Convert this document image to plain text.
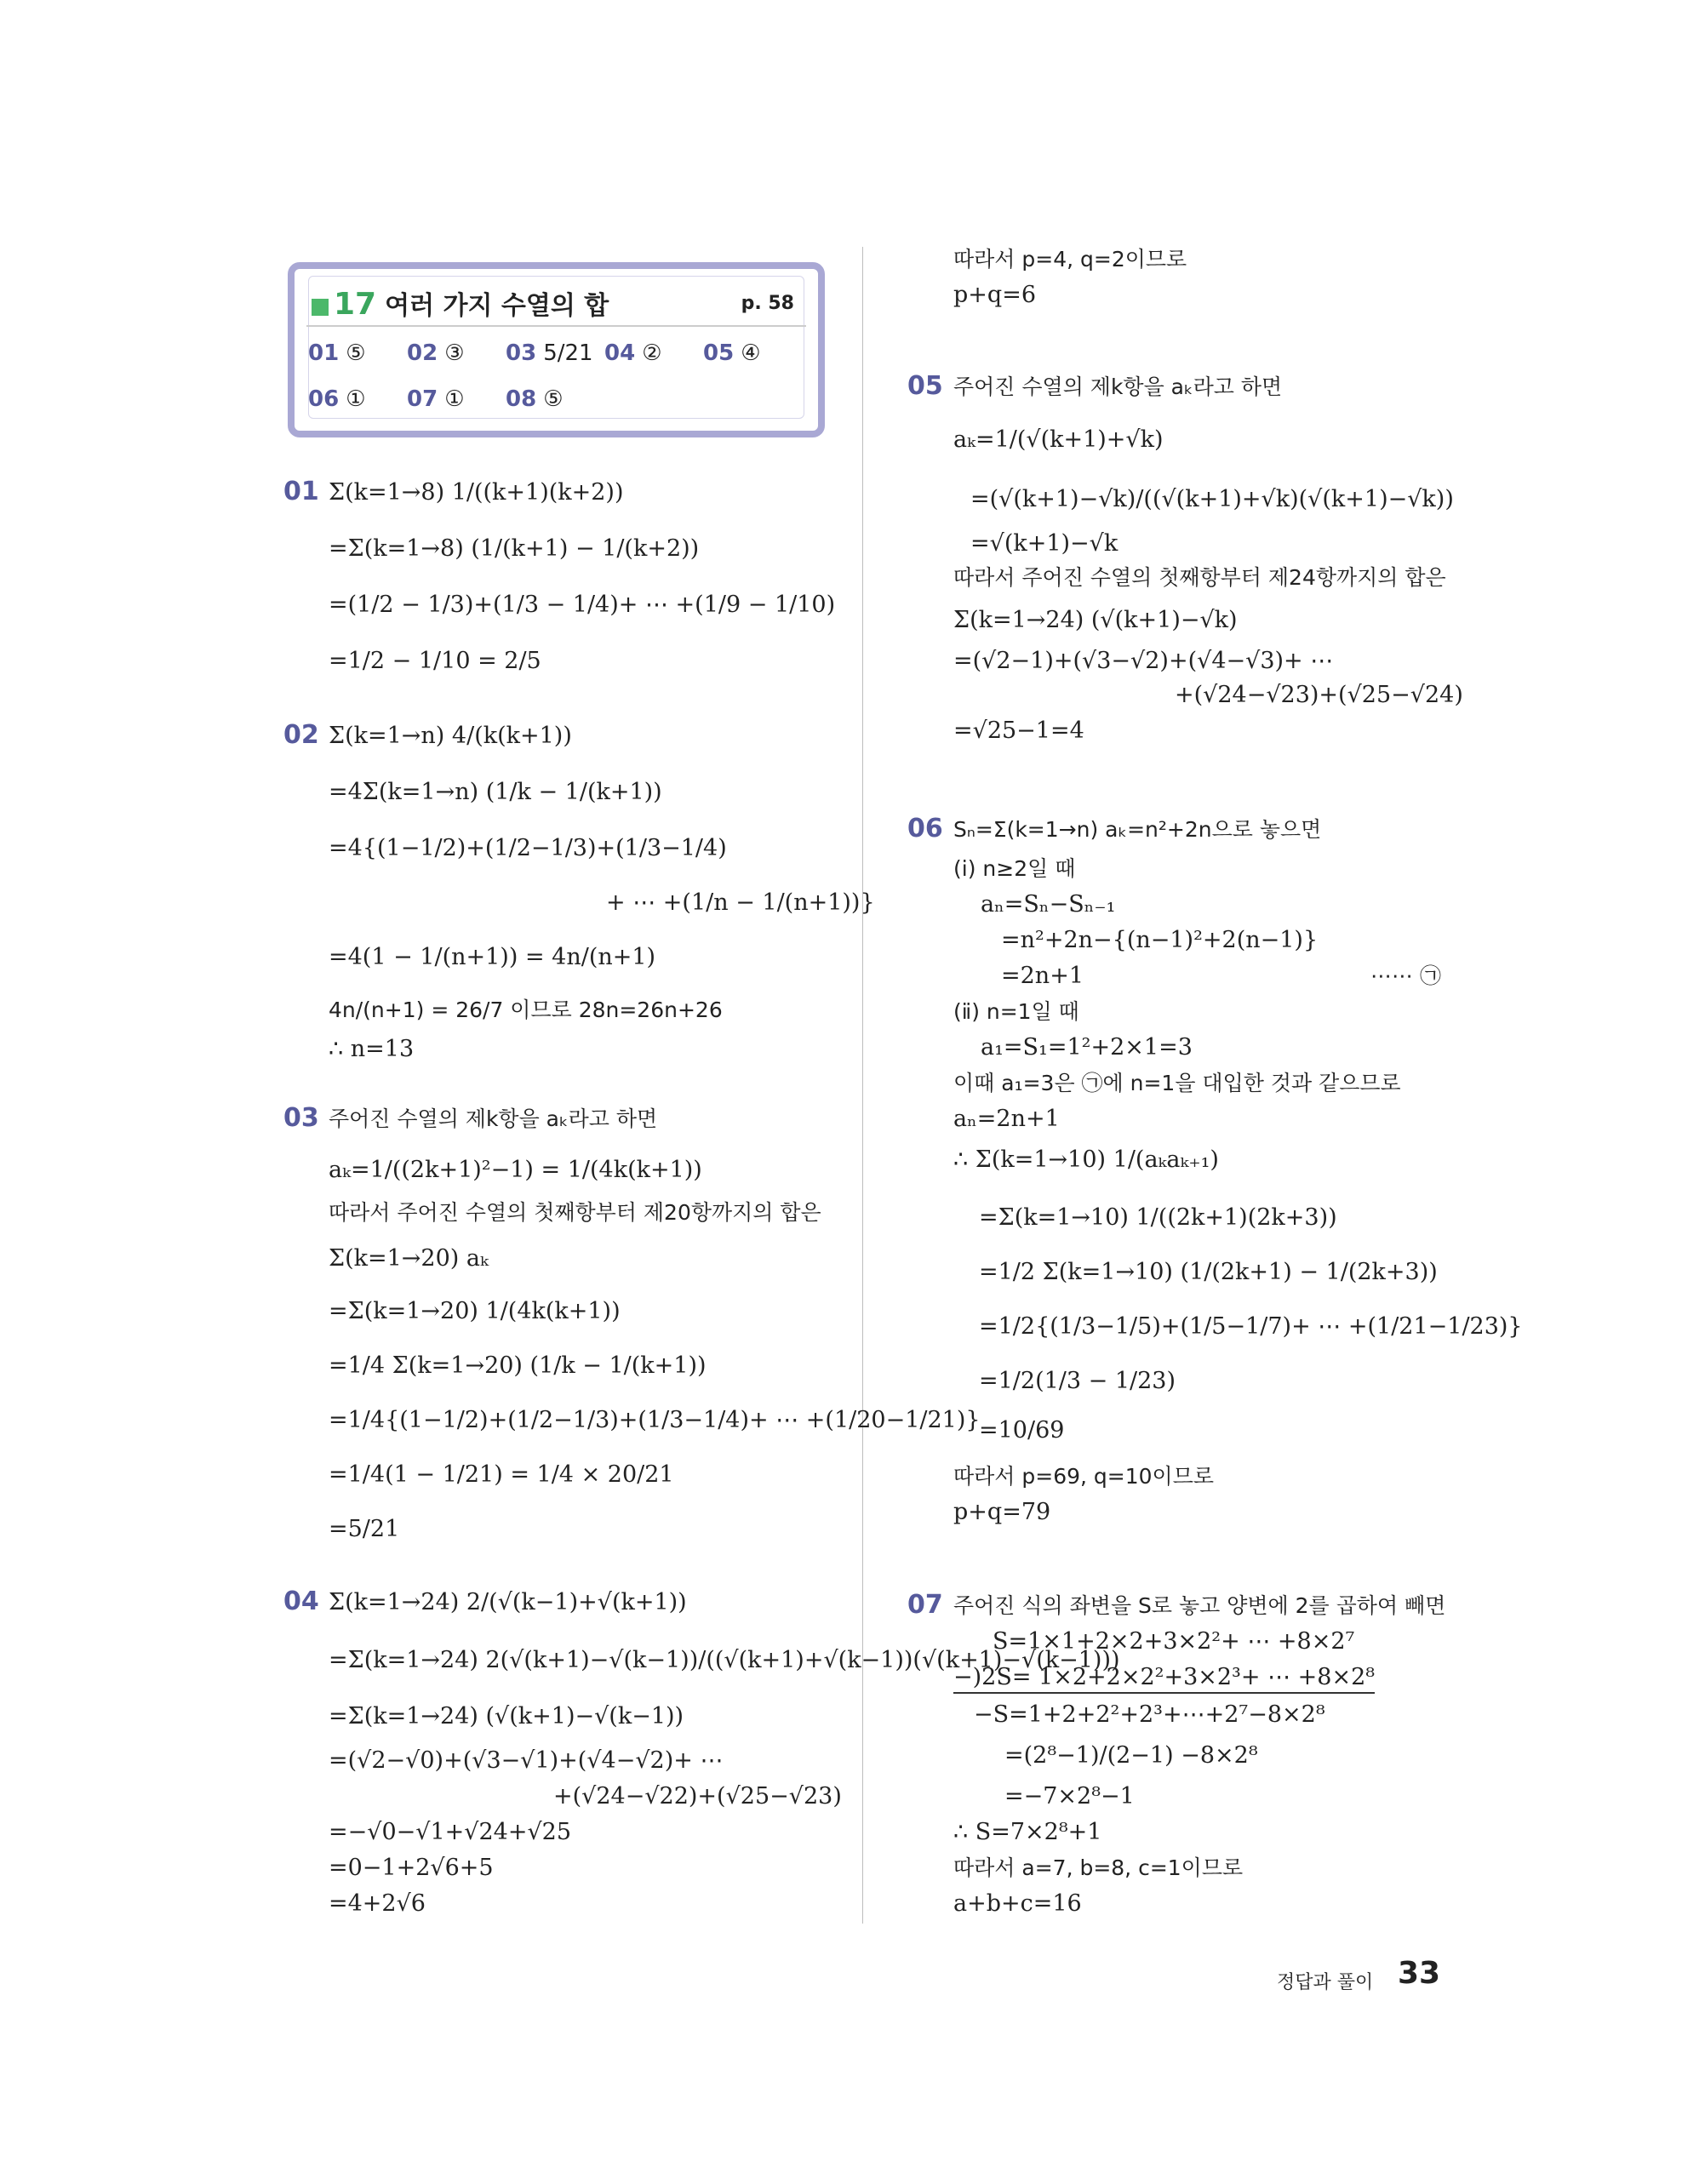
17 여러 가지 수열의 합	p. 58
01 ⑤ 02 ③ 03 5/21 04 ② 05 ④
06 ① 07 ① 08 ⑤
01 Σ(k=1→8) 1/((k+1)(k+2))
=Σ(k=1→8) (1/(k+1) − 1/(k+2))
=(1/2 − 1/3)+(1/3 − 1/4)+ ⋯ +(1/9 − 1/10)
=1/2 − 1/10 = 2/5
02 Σ(k=1→n) 4/(k(k+1))
=4Σ(k=1→n) (1/k − 1/(k+1))
=4{(1−1/2)+(1/2−1/3)+(1/3−1/4)
+ ⋯ +(1/n − 1/(n+1))}
=4(1 − 1/(n+1)) = 4n/(n+1)
4n/(n+1) = 26/7 이므로 28n=26n+26
∴ n=13
03 주어진 수열의 제k항을 aₖ라고 하면
aₖ=1/((2k+1)²−1) = 1/(4k(k+1))
따라서 주어진 수열의 첫째항부터 제20항까지의 합은
Σ(k=1→20) aₖ
=Σ(k=1→20) 1/(4k(k+1))
=1/4 Σ(k=1→20) (1/k − 1/(k+1))
=1/4{(1−1/2)+(1/2−1/3)+(1/3−1/4)+ ⋯ +(1/20−1/21)}
=1/4(1 − 1/21) = 1/4 × 20/21
=5/21
04 Σ(k=1→24) 2/(√(k−1)+√(k+1))
=Σ(k=1→24) 2(√(k+1)−√(k−1))/((√(k+1)+√(k−1))(√(k+1)−√(k−1)))
=Σ(k=1→24) (√(k+1)−√(k−1))
=(√2−√0)+(√3−√1)+(√4−√2)+ ⋯
+(√24−√22)+(√25−√23)
=−√0−√1+√24+√25
=0−1+2√6+5
=4+2√6
따라서 p=4, q=2이므로
p+q=6
05 주어진 수열의 제k항을 aₖ라고 하면
aₖ=1/(√(k+1)+√k)
=(√(k+1)−√k)/((√(k+1)+√k)(√(k+1)−√k))
=√(k+1)−√k
따라서 주어진 수열의 첫째항부터 제24항까지의 합은
Σ(k=1→24) (√(k+1)−√k)
=(√2−1)+(√3−√2)+(√4−√3)+ ⋯
+(√24−√23)+(√25−√24)
=√25−1=4
06 Sₙ=Σ(k=1→n) aₖ=n²+2n으로 놓으면
(ⅰ) n≥2일 때
aₙ=Sₙ−Sₙ₋₁
=n²+2n−{(n−1)²+2(n−1)}
=2n+1	⋯⋯ ㉠
(ⅱ) n=1일 때
a₁=S₁=1²+2×1=3
이때 a₁=3은 ㉠에 n=1을 대입한 것과 같으므로
aₙ=2n+1
∴ Σ(k=1→10) 1/(aₖaₖ₊₁)
=Σ(k=1→10) 1/((2k+1)(2k+3))
=1/2 Σ(k=1→10) (1/(2k+1) − 1/(2k+3))
=1/2{(1/3−1/5)+(1/5−1/7)+ ⋯ +(1/21−1/23)}
=1/2(1/3 − 1/23)
=10/69
따라서 p=69, q=10이므로
p+q=79
07 주어진 식의 좌변을 S로 놓고 양변에 2를 곱하여 빼면
S=1×1+2×2+3×2²+ ⋯ +8×2⁷
−)2S= 1×2+2×2²+3×2³+ ⋯ +8×2⁸
−S=1+2+2²+2³+⋯+2⁷−8×2⁸
=(2⁸−1)/(2−1) −8×2⁸
=−7×2⁸−1
∴ S=7×2⁸+1
따라서 a=7, b=8, c=1이므로
a+b+c=16
정답과 풀이 33
